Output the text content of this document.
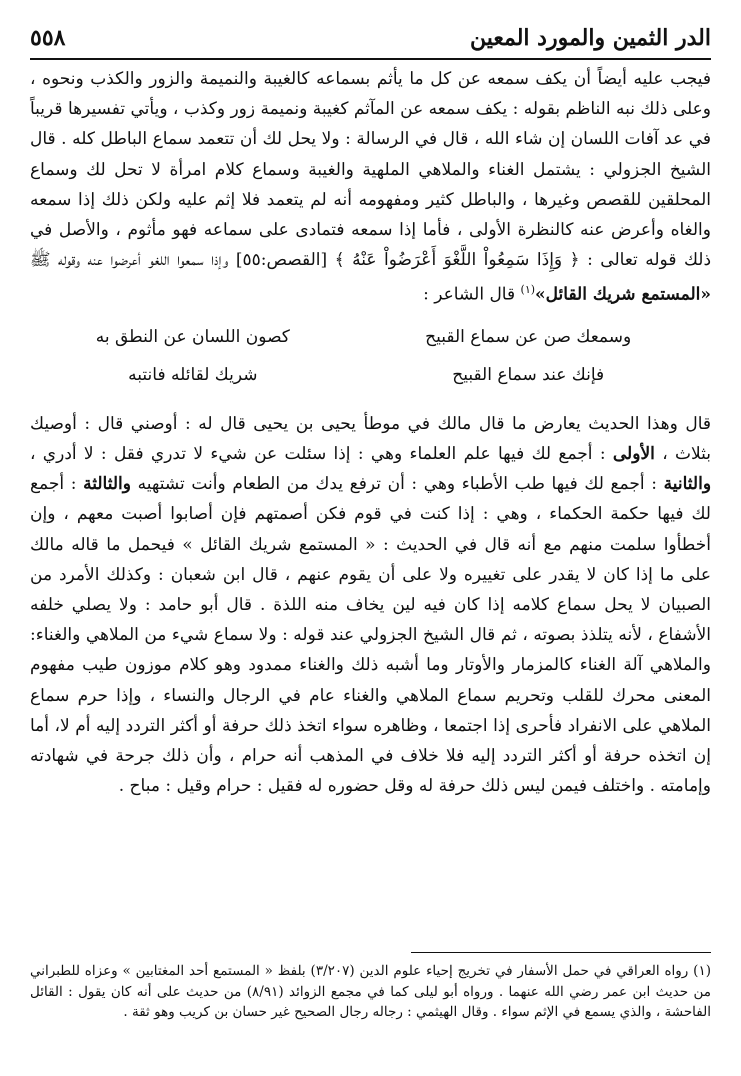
الدر الثمين والمورد المعين
٥٥٨

فيجب عليه أيضاً أن يكف سمعه عن كل ما يأثم بسماعه كالغيبة والنميمة والزور والكذب ونحوه ، وعلى ذلك نبه الناظم بقوله : يكف سمعه عن المآثم كغيبة ونميمة زور وكذب ، ويأتي تفسيرها قريباً في عد آفات اللسان إن شاء الله ، قال في الرسالة : ولا يحل لك أن تتعمد سماع الباطل كله . قال الشيخ الجزولي : يشتمل الغناء والملاهي الملهية والغيبة وسماع كلام امرأة لا تحل لك وسماع المحلقين للقصص وغيرها ، والباطل كثير ومفهومه أنه لم يتعمد فلا إثم عليه ولكن ذلك إذا سمعه والغاه وأعرض عنه كالنظرة الأولى ، فأما إذا سمعه فتمادى على سماعه فهو مأثوم ، والأصل في ذلك قوله تعالى : ﴿ وَإِذَا سَمِعُواْ اللَّغْوَ أَعْرَضُواْ عَنْهُ ﴾ [القصص:٥٥] وإذا سمعوا اللغو أعرضوا عنه وقوله ﷺ «المستمع شريك القائل»$^{(١)}$ قال الشاعر :

وسمعك صن عن سماع القبيح
كصون اللسان عن النطق به
فإنك عند سماع القبيح
شريك لقائله فانتبه

قال وهذا الحديث يعارض ما قال مالك في موطأ يحيى بن يحيى قال له : أوصني قال : أوصيك بثلاث ، الأولى : أجمع لك فيها علم العلماء وهي : إذا سئلت عن شيء لا تدري فقل : لا أدري ، والثانية : أجمع لك فيها طب الأطباء وهي : أن ترفع يدك من الطعام وأنت تشتهيه والثالثة : أجمع لك فيها حكمة الحكماء ، وهي : إذا كنت في قوم فكن أصمتهم فإن أصابوا أصبت معهم ، وإن أخطأوا سلمت منهم مع أنه قال في الحديث : « المستمع شريك القائل » فيحمل ما قاله مالك على ما إذا كان لا يقدر على تغييره ولا على أن يقوم عنهم ، قال ابن شعبان : وكذلك الأمرد من الصبيان لا يحل سماع كلامه إذا كان فيه لين يخاف منه اللذة . قال أبو حامد : ولا يصلي خلفه الأشفاع ، لأنه يتلذذ بصوته ، ثم قال الشيخ الجزولي عند قوله : ولا سماع شيء من الملاهي والغناء: والملاهي آلة الغناء كالمزمار والأوتار وما أشبه ذلك والغناء ممدود وهو كلام موزون طيب مفهوم المعنى محرك للقلب وتحريم سماع الملاهي والغناء عام في الرجال والنساء ، وإذا حرم سماع الملاهي على الانفراد فأحرى إذا اجتمعا ، وظاهره سواء اتخذ ذلك حرفة أو أكثر التردد إليه أم لا، أما إن اتخذه حرفة أو أكثر التردد إليه فلا خلاف في المذهب أنه حرام ، وأن ذلك جرحة في شهادته وإمامته . واختلف فيمن ليس ذلك حرفة له وقل حضوره له فقيل : حرام وقيل : مباح .

(١) رواه العراقي في حمل الأسفار في تخريج إحياء علوم الدين (٣/٢٠٧) بلفظ « المستمع أحد المغتابين » وعزاه للطبراني من حديث ابن عمر رضي الله عنهما . ورواه أبو ليلى كما في مجمع الزوائد (٨/٩١) من حديث على أنه كان يقول : القائل الفاحشة ، والذي يسمع في الإثم سواء . وقال الهيثمي : رجاله رجال الصحيح غير حسان بن كريب وهو ثقة .
